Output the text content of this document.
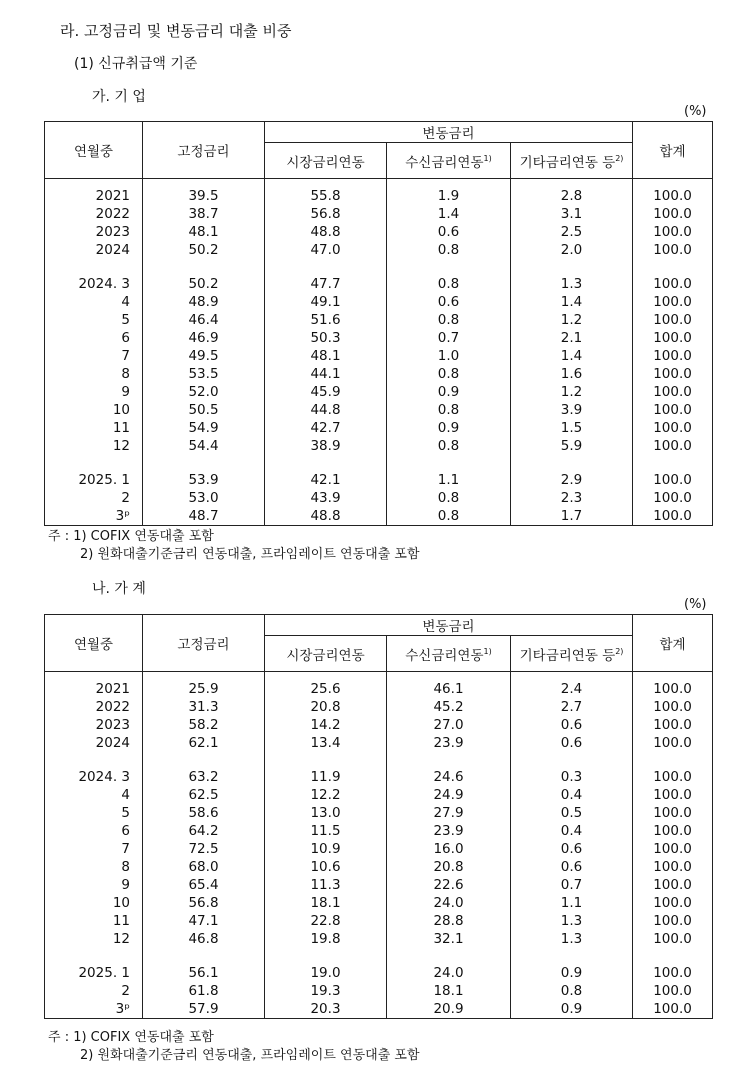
라. 고정금리 및 변동금리 대출 비중
(1) 신규취급액 기준
가. 기 업
(%)
연월중	고정금리	변동금리			합계
		시장금리연동	수신금리연동$^{1)}$	기타금리연동 등$^{2)}$

2021	39.5	55.8	1.9	2.8	100.0
2022	38.7	56.8	1.4	3.1	100.0
2023	48.1	48.8	0.6	2.5	100.0
2024	50.2	47.0	0.8	2.0	100.0

2024. 3	50.2	47.7	0.8	1.3	100.0
4	48.9	49.1	0.6	1.4	100.0
5	46.4	51.6	0.8	1.2	100.0
6	46.9	50.3	0.7	2.1	100.0
7	49.5	48.1	1.0	1.4	100.0
8	53.5	44.1	0.8	1.6	100.0
9	52.0	45.9	0.9	1.2	100.0
10	50.5	44.8	0.8	3.9	100.0
11	54.9	42.7	0.9	1.5	100.0
12	54.4	38.9	0.8	5.9	100.0

2025. 1	53.9	42.1	1.1	2.9	100.0
2	53.0	43.9	0.8	2.3	100.0
3ᵖ	48.7	48.8	0.8	1.7	100.0
주 : 1) COFIX 연동대출 포함
2) 원화대출기준금리 연동대출, 프라임레이트 연동대출 포함
나. 가 계
(%)
연월중	고정금리	변동금리			합계
		시장금리연동	수신금리연동$^{1)}$	기타금리연동 등$^{2)}$

2021	25.9	25.6	46.1	2.4	100.0
2022	31.3	20.8	45.2	2.7	100.0
2023	58.2	14.2	27.0	0.6	100.0
2024	62.1	13.4	23.9	0.6	100.0

2024. 3	63.2	11.9	24.6	0.3	100.0
4	62.5	12.2	24.9	0.4	100.0
5	58.6	13.0	27.9	0.5	100.0
6	64.2	11.5	23.9	0.4	100.0
7	72.5	10.9	16.0	0.6	100.0
8	68.0	10.6	20.8	0.6	100.0
9	65.4	11.3	22.6	0.7	100.0
10	56.8	18.1	24.0	1.1	100.0
11	47.1	22.8	28.8	1.3	100.0
12	46.8	19.8	32.1	1.3	100.0

2025. 1	56.1	19.0	24.0	0.9	100.0
2	61.8	19.3	18.1	0.8	100.0
3ᵖ	57.9	20.3	20.9	0.9	100.0
주 : 1) COFIX 연동대출 포함
2) 원화대출기준금리 연동대출, 프라임레이트 연동대출 포함
